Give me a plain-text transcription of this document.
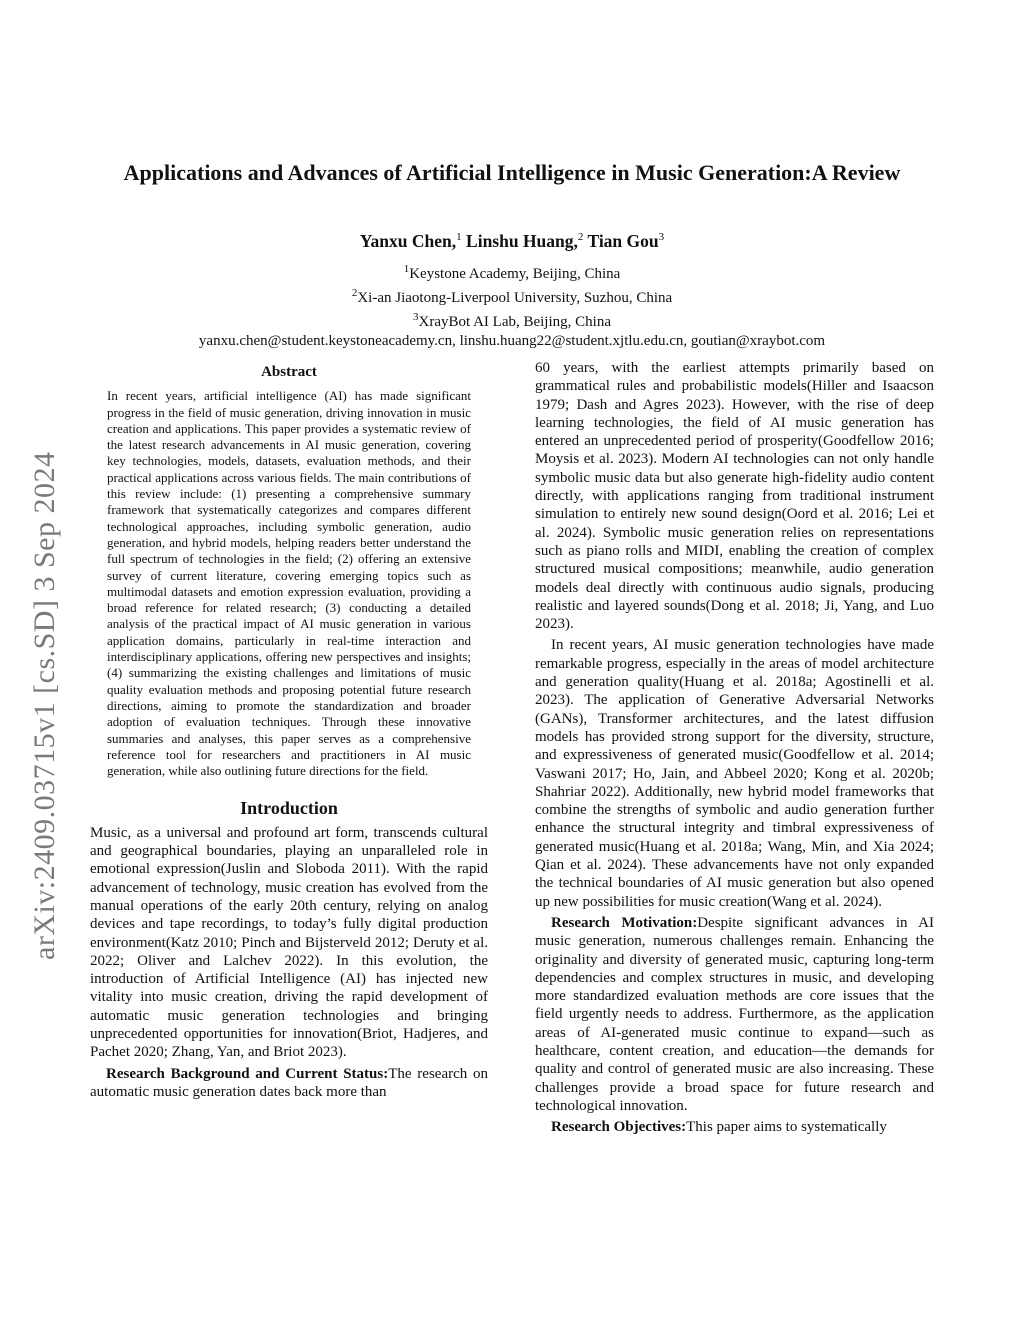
arXiv:2409.03715v1 [cs.SD] 3 Sep 2024
Applications and Advances of Artificial Intelligence in Music Generation:A Review
Yanxu Chen,$^1$ Linshu Huang,$^2$ Tian Gou$^3$
$^1$Keystone Academy, Beijing, China
$^2$Xi-an Jiaotong-Liverpool University, Suzhou, China
$^3$XrayBot AI Lab, Beijing, China
yanxu.chen@student.keystoneacademy.cn, linshu.huang22@student.xjtlu.edu.cn, goutian@xraybot.com
Abstract
In recent years, artificial intelligence (AI) has made significant progress in the field of music generation, driving innovation in music creation and applications. This paper provides a systematic review of the latest research advancements in AI music generation, covering key technologies, models, datasets, evaluation methods, and their practical applications across various fields. The main contributions of this review include: (1) presenting a comprehensive summary framework that systematically categorizes and compares different technological approaches, including symbolic generation, audio generation, and hybrid models, helping readers better understand the full spectrum of technologies in the field; (2) offering an extensive survey of current literature, covering emerging topics such as multimodal datasets and emotion expression evaluation, providing a broad reference for related research; (3) conducting a detailed analysis of the practical impact of AI music generation in various application domains, particularly in real-time interaction and interdisciplinary applications, offering new perspectives and insights; (4) summarizing the existing challenges and limitations of music quality evaluation methods and proposing potential future research directions, aiming to promote the standardization and broader adoption of evaluation techniques. Through these innovative summaries and analyses, this paper serves as a comprehensive reference tool for researchers and practitioners in AI music generation, while also outlining future directions for the field.
Introduction

Music, as a universal and profound art form, transcends cultural and geographical boundaries, playing an unparalleled role in emotional expression(Juslin and Sloboda 2011). With the rapid advancement of technology, music creation has evolved from the manual operations of the early 20th century, relying on analog devices and tape recordings, to today’s fully digital production environment(Katz 2010; Pinch and Bijsterveld 2012; Deruty et al. 2022; Oliver and Lalchev 2022). In this evolution, the introduction of Artificial Intelligence (AI) has injected new vitality into music creation, driving the rapid development of automatic music generation technologies and bringing unprecedented opportunities for innovation(Briot, Hadjeres, and Pachet 2020; Zhang, Yan, and Briot 2023).

Research Background and Current Status:The research on automatic music generation dates back more than

60 years, with the earliest attempts primarily based on grammatical rules and probabilistic models(Hiller and Isaacson 1979; Dash and Agres 2023). However, with the rise of deep learning technologies, the field of AI music generation has entered an unprecedented period of prosperity(Goodfellow 2016; Moysis et al. 2023). Modern AI technologies can not only handle symbolic music data but also generate high-fidelity audio content directly, with applications ranging from traditional instrument simulation to entirely new sound design(Oord et al. 2016; Lei et al. 2024). Symbolic music generation relies on representations such as piano rolls and MIDI, enabling the creation of complex structured musical compositions; meanwhile, audio generation models deal directly with continuous audio signals, producing realistic and layered sounds(Dong et al. 2018; Ji, Yang, and Luo 2023).

In recent years, AI music generation technologies have made remarkable progress, especially in the areas of model architecture and generation quality(Huang et al. 2018a; Agostinelli et al. 2023). The application of Generative Adversarial Networks (GANs), Transformer architectures, and the latest diffusion models has provided strong support for the diversity, structure, and expressiveness of generated music(Goodfellow et al. 2014; Vaswani 2017; Ho, Jain, and Abbeel 2020; Kong et al. 2020b; Shahriar 2022). Additionally, new hybrid model frameworks that combine the strengths of symbolic and audio generation further enhance the structural integrity and timbral expressiveness of generated music(Huang et al. 2018a; Wang, Min, and Xia 2024; Qian et al. 2024). These advancements have not only expanded the technical boundaries of AI music generation but also opened up new possibilities for music creation(Wang et al. 2024).

Research Motivation:Despite significant advances in AI music generation, numerous challenges remain. Enhancing the originality and diversity of generated music, capturing long-term dependencies and complex structures in music, and developing more standardized evaluation methods are core issues that the field urgently needs to address. Furthermore, as the application areas of AI-generated music continue to expand—such as healthcare, content creation, and education—the demands for quality and control of generated music are also increasing. These challenges provide a broad space for future research and technological innovation.

Research Objectives:This paper aims to systematically
